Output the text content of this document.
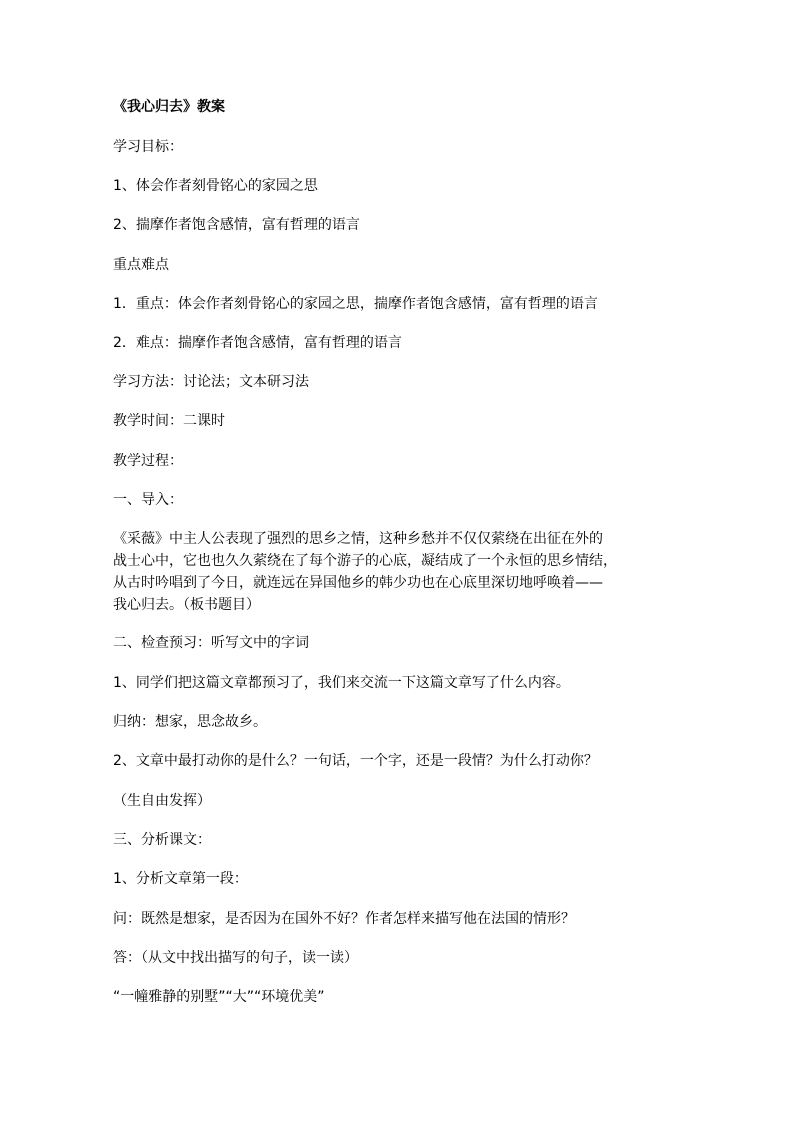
《我心归去》教案
学习目标：
1、体会作者刻骨铭心的家园之思
2、揣摩作者饱含感情，富有哲理的语言
重点难点
1．重点：体会作者刻骨铭心的家园之思，揣摩作者饱含感情，富有哲理的语言
2．难点：揣摩作者饱含感情，富有哲理的语言
学习方法：讨论法；文本研习法
教学时间：二课时
教学过程：
一、导入：
《采薇》中主人公表现了强烈的思乡之情，这种乡愁并不仅仅萦绕在出征在外的
战士心中，它也也久久萦绕在了每个游子的心底，凝结成了一个永恒的思乡情结，
从古时吟唱到了今日，就连远在异国他乡的韩少功也在心底里深切地呼唤着——
我心归去。（板书题目）
二、检查预习：听写文中的字词
1、同学们把这篇文章都预习了，我们来交流一下这篇文章写了什么内容。
归纳：想家，思念故乡。
2、文章中最打动你的是什么？一句话，一个字，还是一段情？为什么打动你？
（生自由发挥）
三、分析课文：
1、分析文章第一段：
问：既然是想家，是否因为在国外不好？作者怎样来描写他在法国的情形？
答：（从文中找出描写的句子，读一读）
“一幢雅静的别墅”“大”“环境优美”
